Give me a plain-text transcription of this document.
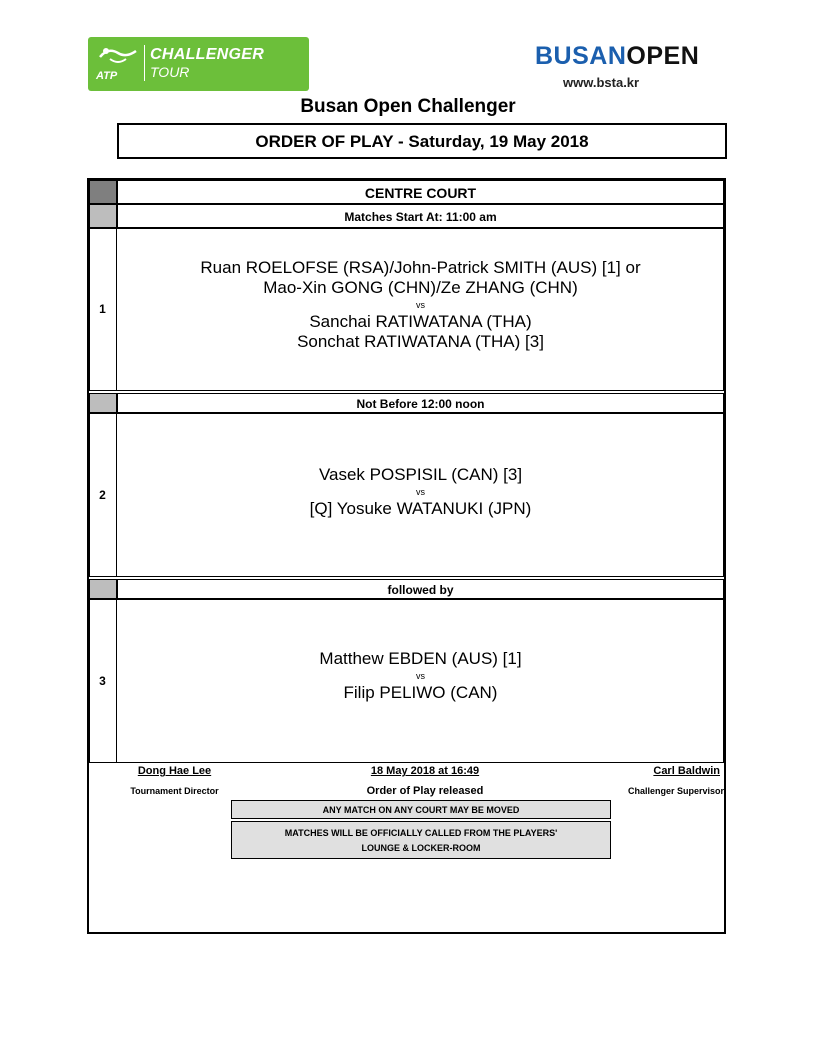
ATP
CHALLENGER
TOUR
BUSANOPEN
www.bsta.kr
Busan Open Challenger
ORDER OF PLAY - Saturday, 19 May 2018
CENTRE COURT
Matches Start At: 11:00 am
1
Ruan ROELOFSE (RSA)/John-Patrick SMITH (AUS) [1] or
Mao-Xin GONG (CHN)/Ze ZHANG (CHN)
vs
Sanchai RATIWATANA (THA)
Sonchat RATIWATANA (THA) [3]
Not Before 12:00 noon
2
Vasek POSPISIL (CAN) [3]
vs
[Q] Yosuke WATANUKI (JPN)
followed by
3
Matthew EBDEN (AUS) [1]
vs
Filip PELIWO (CAN)
Dong Hae Lee
Tournament Director
18 May 2018 at 16:49
Order of Play released
Carl Baldwin
Challenger Supervisor
ANY MATCH ON ANY COURT MAY BE MOVED
MATCHES WILL BE OFFICIALLY CALLED FROM THE PLAYERS'
LOUNGE & LOCKER-ROOM
